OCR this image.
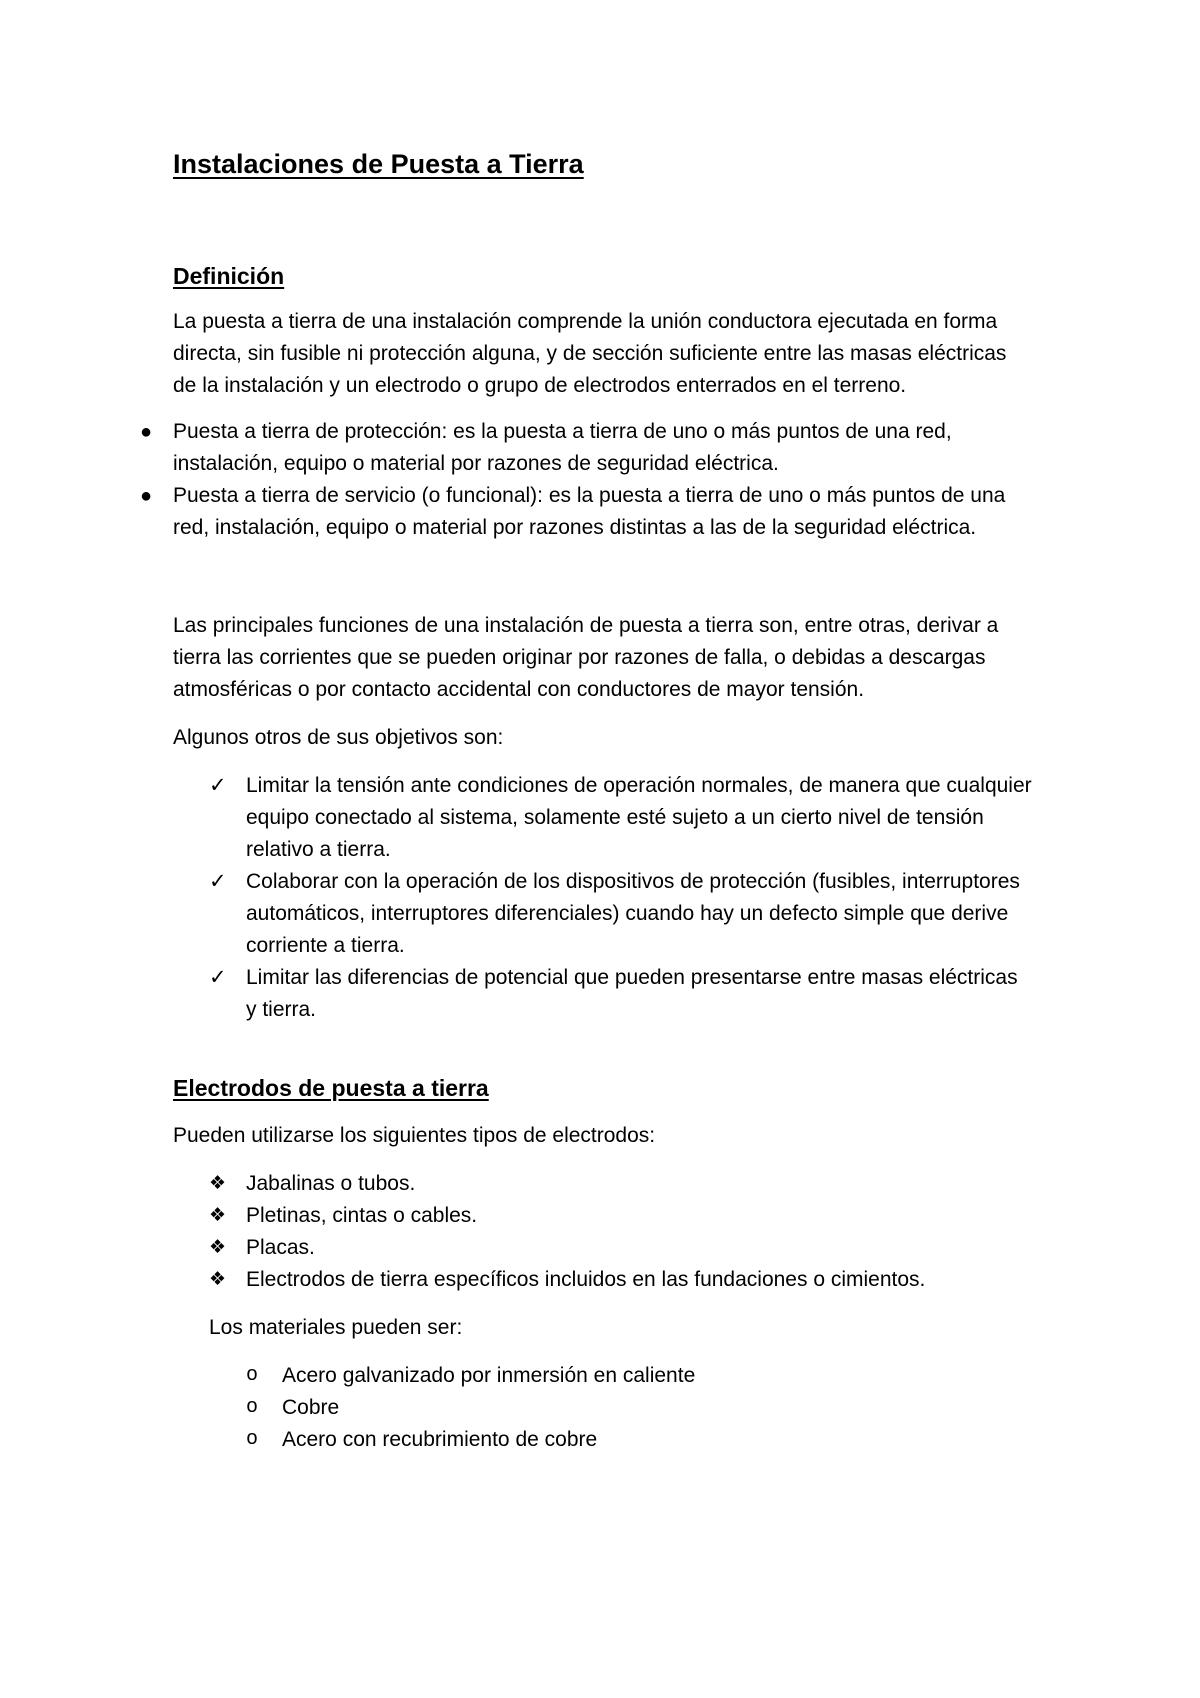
Instalaciones de Puesta a Tierra
Definición

La puesta a tierra de una instalación comprende la unión conductora ejecutada en forma directa, sin fusible ni protección alguna, y de sección suficiente entre las masas eléctricas de la instalación y un electrodo o grupo de electrodos enterrados en el terreno.

● Puesta a tierra de protección: es la puesta a tierra de uno o más puntos de una red, instalación, equipo o material por razones de seguridad eléctrica.
● Puesta a tierra de servicio (o funcional): es la puesta a tierra de uno o más puntos de una red, instalación, equipo o material por razones distintas a las de la seguridad eléctrica.

Las principales funciones de una instalación de puesta a tierra son, entre otras, derivar a tierra las corrientes que se pueden originar por razones de falla, o debidas a descargas atmosféricas o por contacto accidental con conductores de mayor tensión.

Algunos otros de sus objetivos son:

✓ Limitar la tensión ante condiciones de operación normales, de manera que cualquier equipo conectado al sistema, solamente esté sujeto a un cierto nivel de tensión relativo a tierra.
✓ Colaborar con la operación de los dispositivos de protección (fusibles, interruptores automáticos, interruptores diferenciales) cuando hay un defecto simple que derive corriente a tierra.
✓ Limitar las diferencias de potencial que pueden presentarse entre masas eléctricas y tierra.
Electrodos de puesta a tierra

Pueden utilizarse los siguientes tipos de electrodos:

❖ Jabalinas o tubos.
❖ Pletinas, cintas o cables.
❖ Placas.
❖ Electrodos de tierra específicos incluidos en las fundaciones o cimientos.

Los materiales pueden ser:

o Acero galvanizado por inmersión en caliente
o Cobre
o Acero con recubrimiento de cobre
